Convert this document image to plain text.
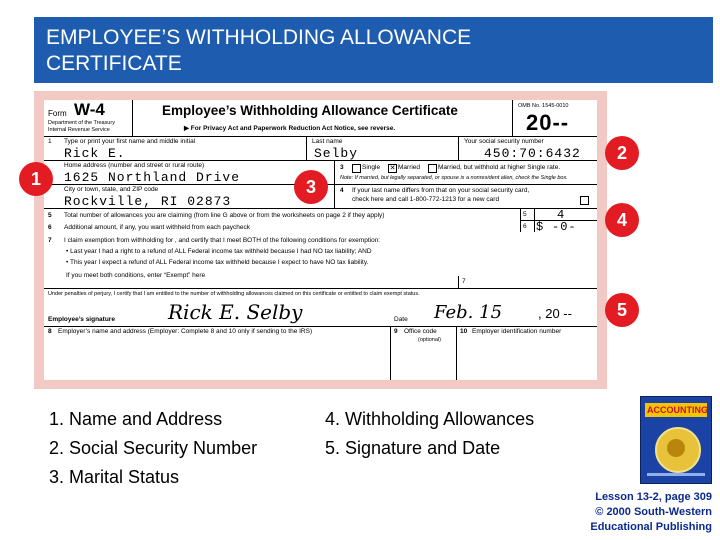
EMPLOYEE’S WITHHOLDING ALLOWANCE
CERTIFICATE
Form W-4
Department of the Treasury
Internal Revenue Service
Employee’s Withholding Allowance Certificate
▶ For Privacy Act and Paperwork Reduction Act Notice, see reverse.
OMB No. 1545-0010
20--
1 Type or print your first name and middle initial	Last name	Your social security number
Rick E.	Selby	450:70:6432
Home address (number and street or rural route)
1625 Northland Drive
City or town, state, and ZIP code
Rockville, RI 02873
3	Single ✕ Married	Married, but withhold at higher Single rate.
Note: If married, but legally separated, or spouse is a nonresident alien, check the Single box.
4 If your last name differs from that on your social security card,
check here and call 1-800-772-1213 for a new card
5 Total number of allowances you are claiming (from line G above or from the worksheets on page 2 if they apply)
6 Additional amount, if any, you want withheld from each paycheck
5
6
4
$ -0-
7 I claim exemption from withholding for , and certify that I meet BOTH of the following conditions for exemption:
• Last year I had a right to a refund of ALL Federal income tax withheld because I had NO tax liability; AND
• This year I expect a refund of ALL Federal income tax withheld because I expect to have NO tax liability.
If you meet both conditions, enter “Exempt” here
7
Under penalties of perjury, I certify that I am entitled to the number of withholding allowances claimed on this certificate or entitled to claim exempt status.
Employee’s signature	Rick E. Selby	Date Feb. 15	, 20 --
8 Employer’s name and address (Employer: Complete 8 and 10 only if sending to the IRS)	9 Office code
(optional)
10 Employer identification number
1
2
3
4
5
1. Name and Address
2. Social Security Number
3. Marital Status
4. Withholding Allowances
5. Signature and Date
ACCOUNTING
Lesson 13-2, page 309
© 2000 South-Western
Educational Publishing
